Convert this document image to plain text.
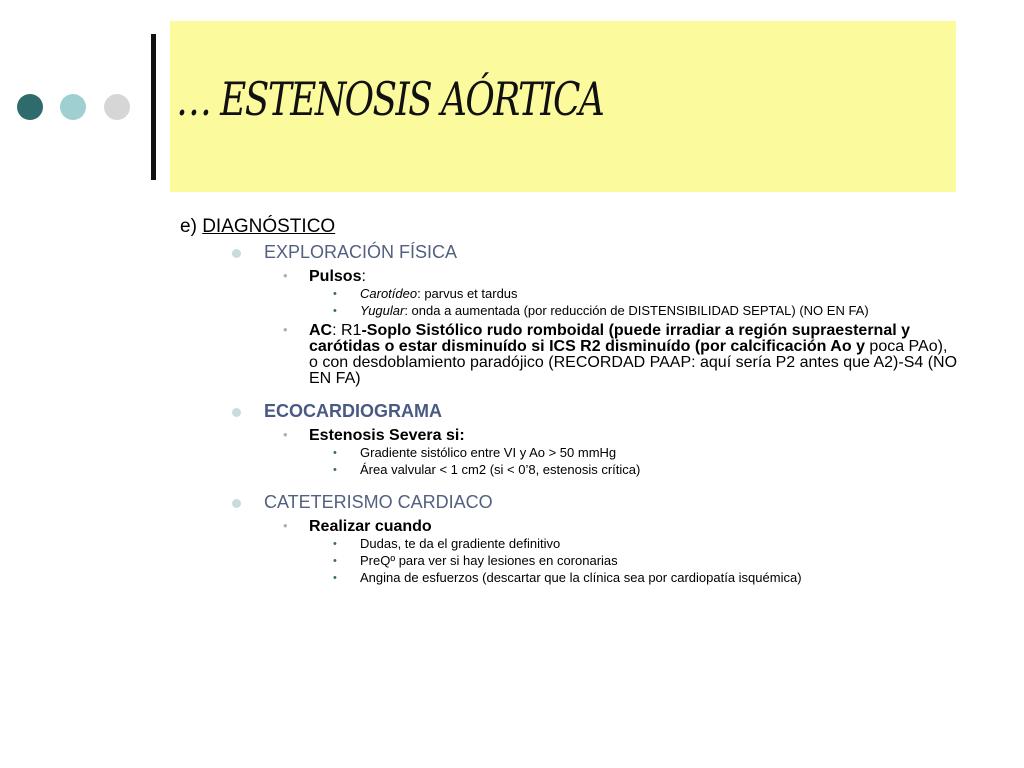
… ESTENOSIS AÓRTICA
e) DIAGNÓSTICO
EXPLORACIÓN FÍSICA
• Pulsos:
• Carotídeo: parvus et tardus
• Yugular: onda a aumentada (por reducción de DISTENSIBILIDAD SEPTAL) (NO EN FA)
• AC: R1-Soplo Sistólico rudo romboidal (puede irradiar a región supraesternal y carótidas o estar disminuído si ICS R2 disminuído (por calcificación Ao y poca PAo), o con desdoblamiento paradójico (RECORDAD PAAP: aquí sería P2 antes que A2)-S4 (NO EN FA)
ECOCARDIOGRAMA
• Estenosis Severa si:
• Gradiente sistólico entre VI y Ao > 50 mmHg
• Área valvular < 1 cm2 (si < 0’8, estenosis crítica)
CATETERISMO CARDIACO
• Realizar cuando
• Dudas, te da el gradiente definitivo
• PreQº para ver si hay lesiones en coronarias
• Angina de esfuerzos (descartar que la clínica sea por cardiopatía isquémica)
